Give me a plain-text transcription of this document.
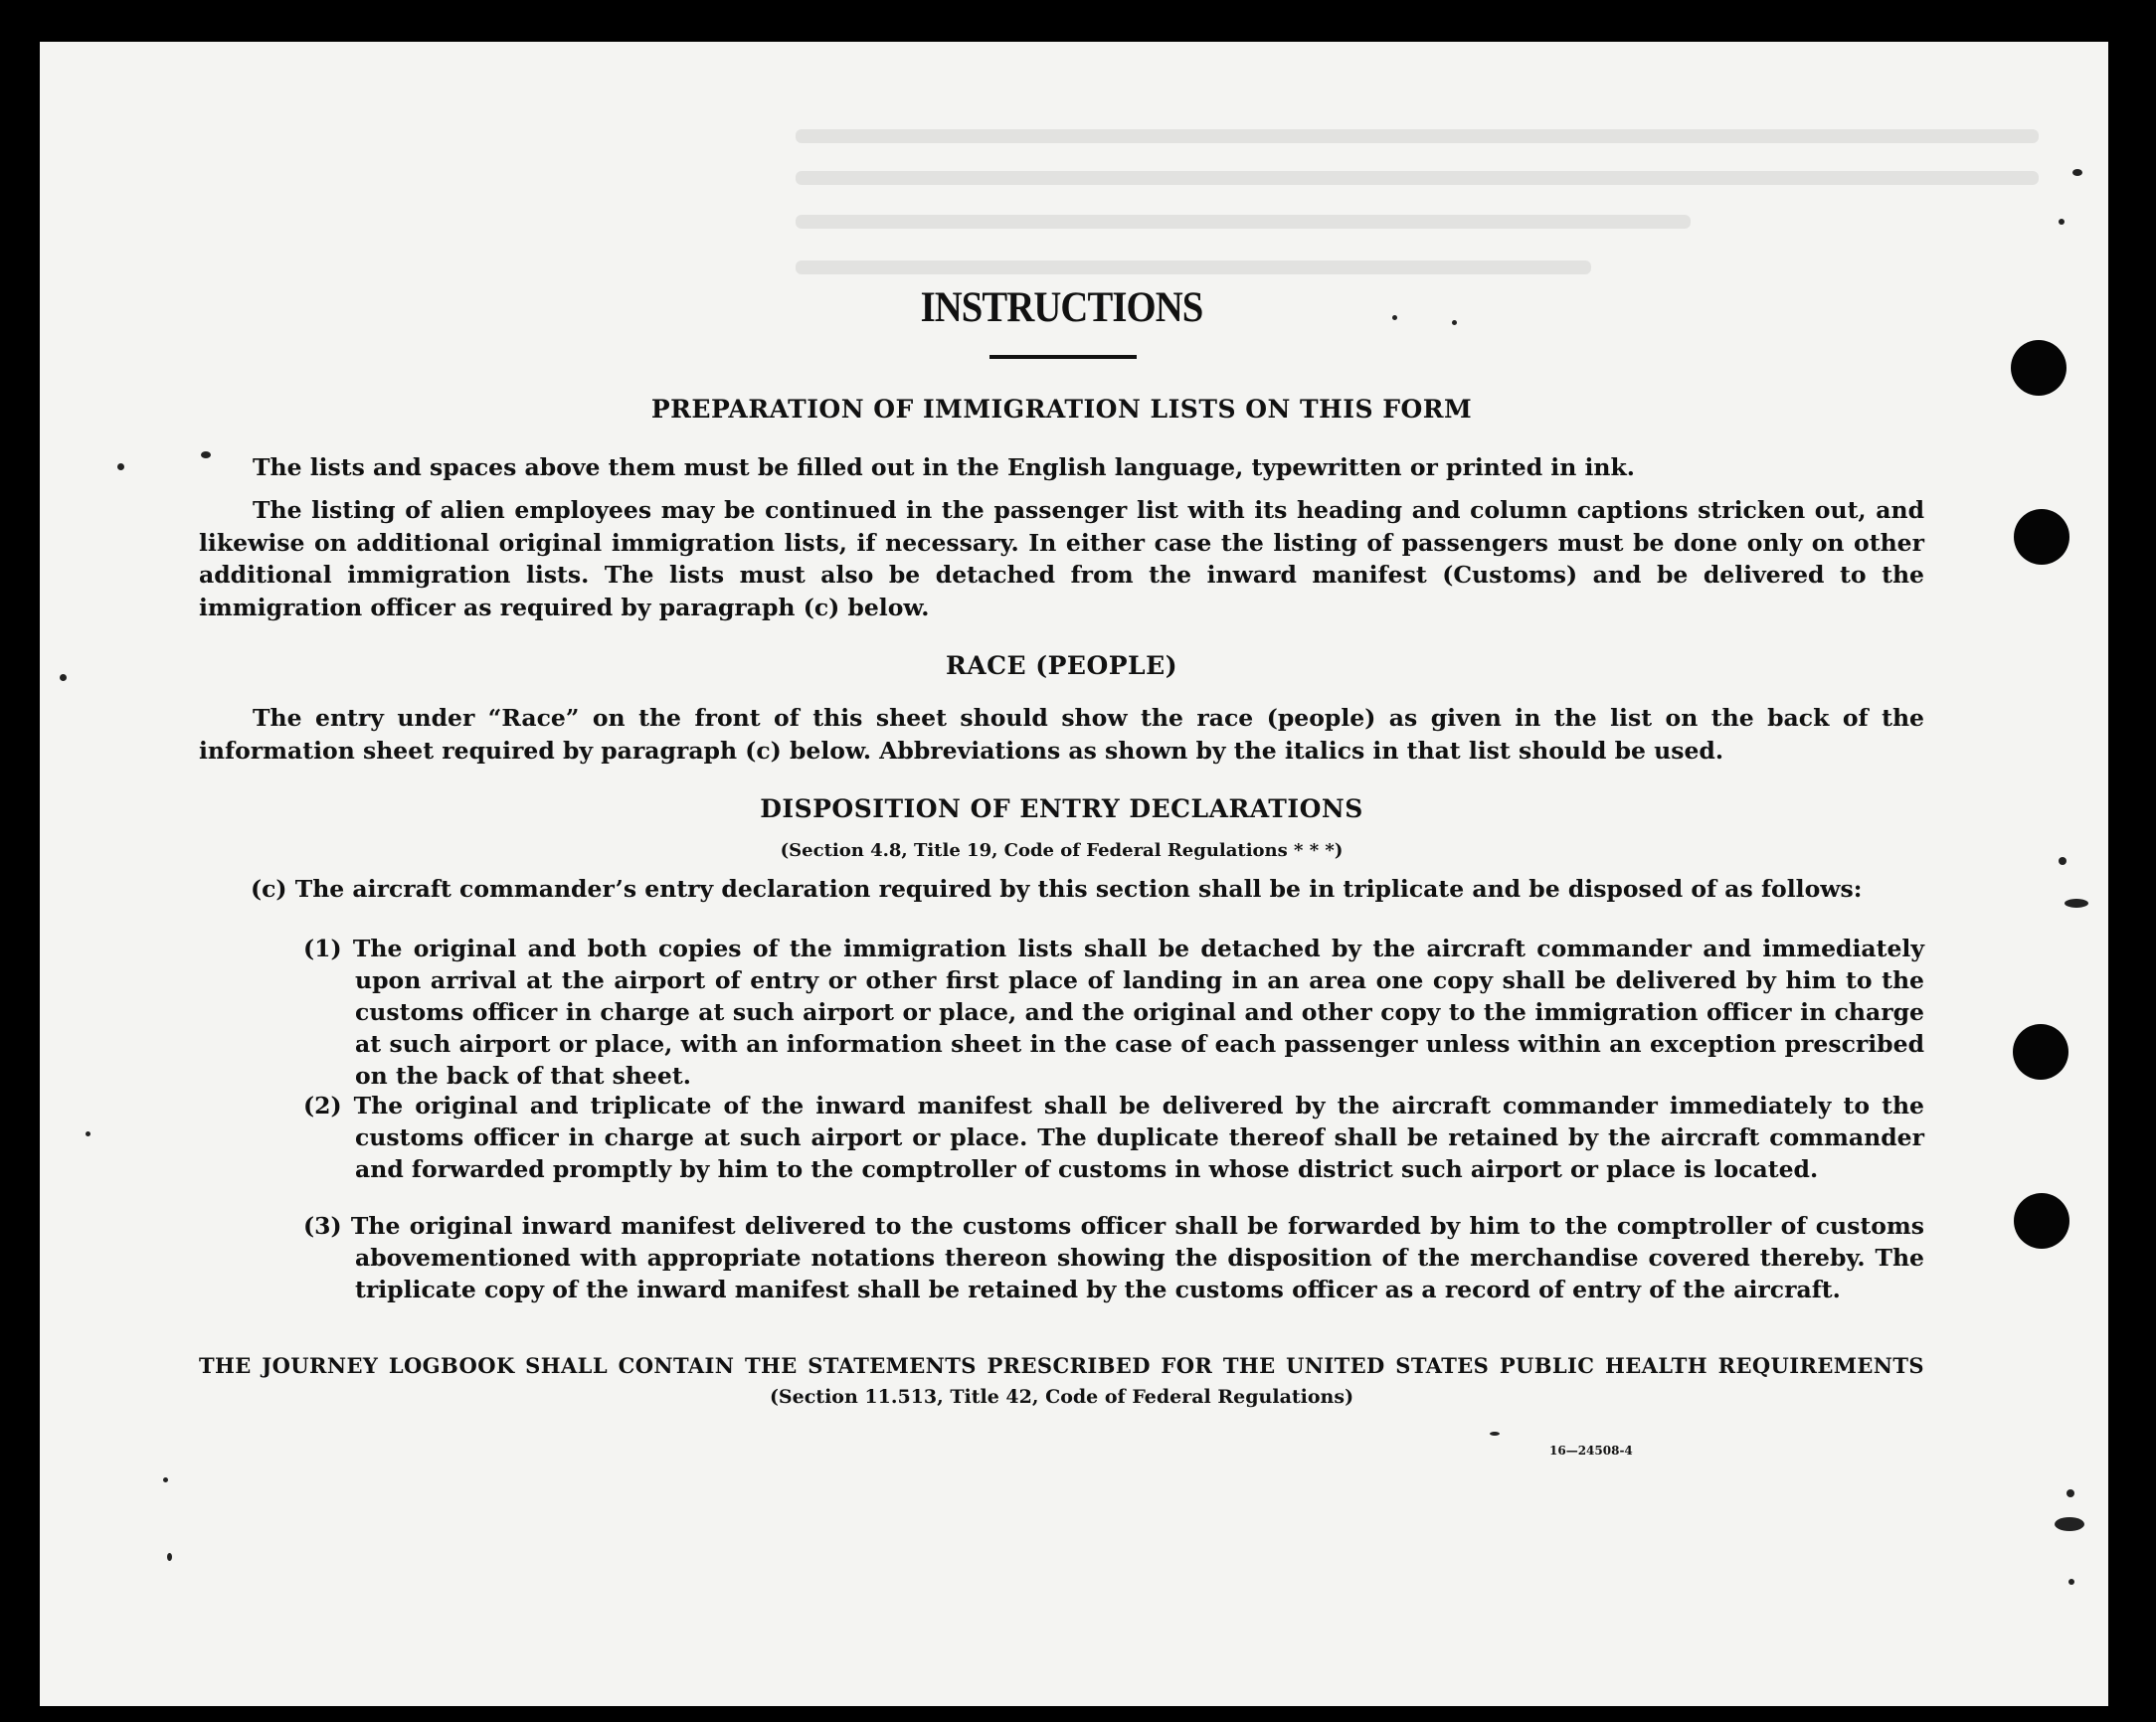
INSTRUCTIONS
PREPARATION OF IMMIGRATION LISTS ON THIS FORM
The lists and spaces above them must be filled out in the English language, typewritten or printed in ink.
The listing of alien employees may be continued in the passenger list with its heading and column captions stricken out, and likewise on additional original immigration lists, if necessary. In either case the listing of passengers must be done only on other additional immigration lists. The lists must also be detached from the inward manifest (Customs) and be delivered to the immigration officer as required by paragraph (c) below.
RACE (PEOPLE)
The entry under “Race” on the front of this sheet should show the race (people) as given in the list on the back of the information sheet required by paragraph (c) below. Abbreviations as shown by the italics in that list should be used.
DISPOSITION OF ENTRY DECLARATIONS
(Section 4.8, Title 19, Code of Federal Regulations * * *)
(c) The aircraft commander’s entry declaration required by this section shall be in triplicate and be disposed of as follows:
(1) The original and both copies of the immigration lists shall be detached by the aircraft commander and immediately upon arrival at the airport of entry or other first place of landing in an area one copy shall be delivered by him to the customs officer in charge at such airport or place, and the original and other copy to the immigration officer in charge at such airport or place, with an information sheet in the case of each passenger unless within an exception prescribed on the back of that sheet.
(2) The original and triplicate of the inward manifest shall be delivered by the aircraft commander immediately to the customs officer in charge at such airport or place. The duplicate thereof shall be retained by the aircraft commander and forwarded promptly by him to the comptroller of customs in whose district such airport or place is located.
(3) The original inward manifest delivered to the customs officer shall be forwarded by him to the comptroller of customs abovementioned with appropriate notations thereon showing the disposition of the merchandise covered thereby. The triplicate copy of the inward manifest shall be retained by the customs officer as a record of entry of the aircraft.
THE JOURNEY LOGBOOK SHALL CONTAIN THE STATEMENTS PRESCRIBED FOR THE UNITED STATES PUBLIC HEALTH REQUIREMENTS
(Section 11.513, Title 42, Code of Federal Regulations)
16—24508-4
